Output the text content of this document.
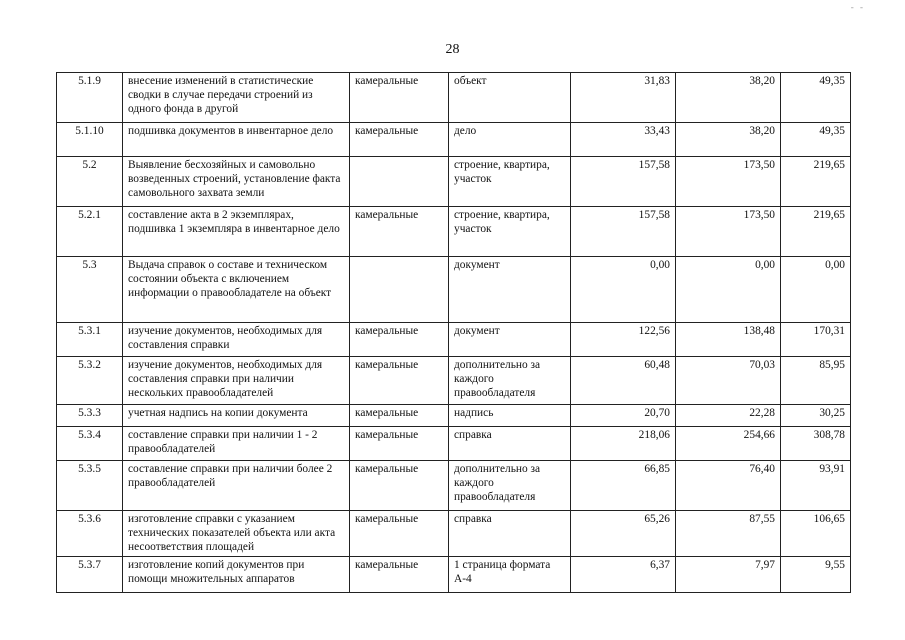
- -
28
5.1.9	внесение изменений в статистические сводки в случае передачи строений из одного фонда в другой	камеральные	объект	31,83	38,20	49,35
5.1.10	подшивка документов в инвентарное дело	камеральные	дело	33,43	38,20	49,35
5.2	Выявление бесхозяйных и самовольно возведенных строений, установление факта самовольного захвата земли		строение, квартира, участок	157,58	173,50	219,65
5.2.1	составление акта в 2 экземплярах, подшивка 1 экземпляра в инвентарное дело	камеральные	строение, квартира, участок	157,58	173,50	219,65
5.3	Выдача справок о составе и техническом состоянии объекта с включением информации о правообладателе на объект		документ	0,00	0,00	0,00
5.3.1	изучение документов, необходимых для составления справки	камеральные	документ	122,56	138,48	170,31
5.3.2	изучение документов, необходимых для составления справки при наличии нескольких правообладателей	камеральные	дополнительно за каждого правообладателя	60,48	70,03	85,95
5.3.3	учетная надпись на копии документа	камеральные	надпись	20,70	22,28	30,25
5.3.4	составление справки при наличии 1 - 2 правообладателей	камеральные	справка	218,06	254,66	308,78
5.3.5	составление справки при наличии более 2 правообладателей	камеральные	дополнительно за каждого правообладателя	66,85	76,40	93,91
5.3.6	изготовление справки с указанием технических показателей объекта или акта несоответствия площадей	камеральные	справка	65,26	87,55	106,65
5.3.7	изготовление копий документов при помощи множительных аппаратов	камеральные	1 страница формата А-4	6,37	7,97	9,55
